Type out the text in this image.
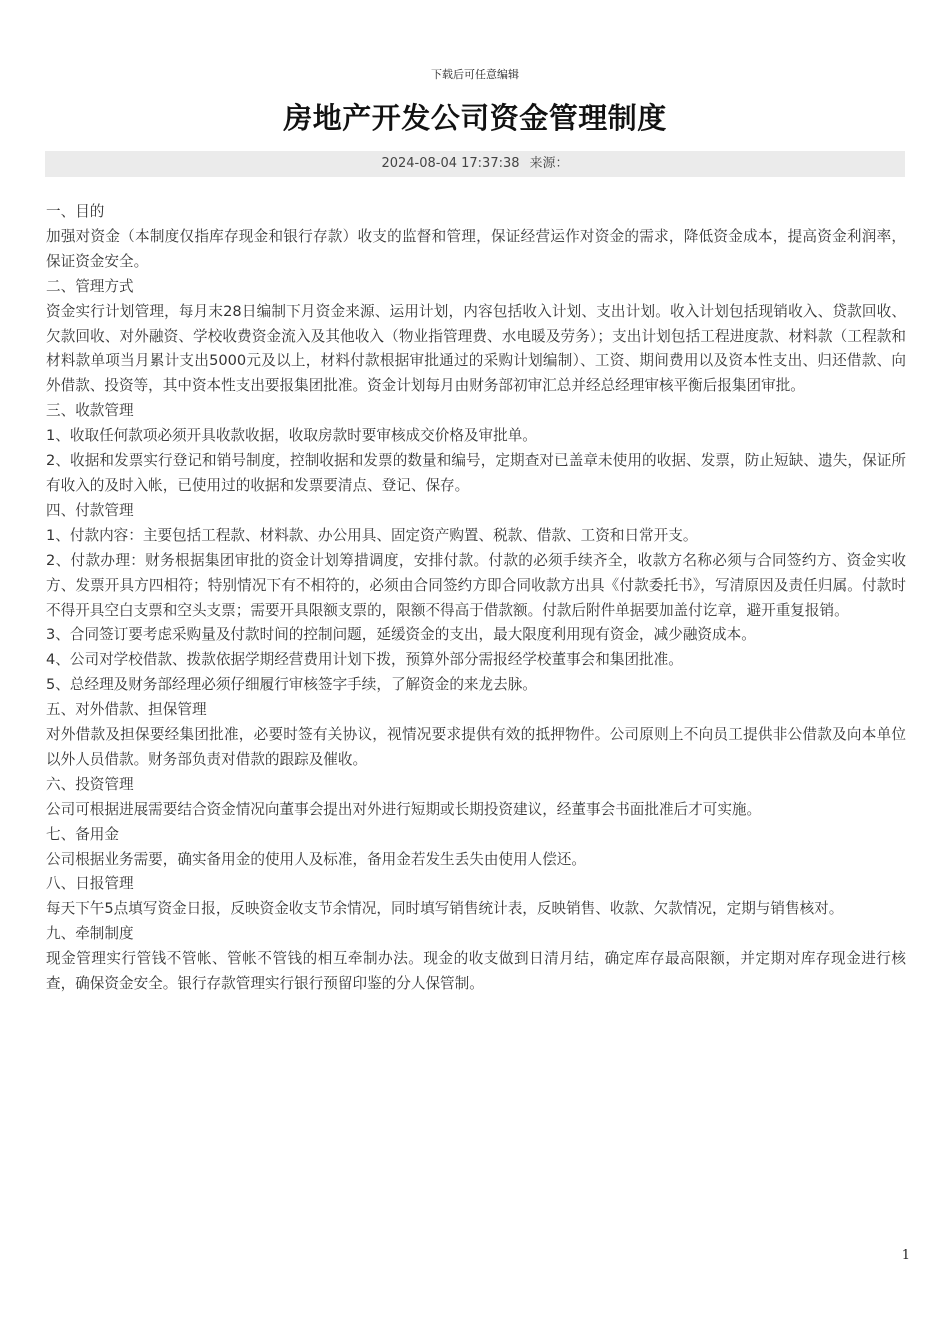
下载后可任意编辑
房地产开发公司资金管理制度
2024-08-04 17:37:38 来源：

一、目的

加强对资金（本制度仅指库存现金和银行存款）收支的监督和管理，保证经营运作对资金的需求，降低资金成本，提高资金利润率，保证资金安全。

二、管理方式

资金实行计划管理，每月末28日编制下月资金来源、运用计划，内容包括收入计划、支出计划。收入计划包括现销收入、贷款回收、欠款回收、对外融资、学校收费资金流入及其他收入（物业指管理费、水电暖及劳务）；支出计划包括工程进度款、材料款（工程款和材料款单项当月累计支出5000元及以上，材料付款根据审批通过的采购计划编制）、工资、期间费用以及资本性支出、归还借款、向外借款、投资等，其中资本性支出要报集团批准。资金计划每月由财务部初审汇总并经总经理审核平衡后报集团审批。

三、收款管理

1、收取任何款项必须开具收款收据，收取房款时要审核成交价格及审批单。

2、收据和发票实行登记和销号制度，控制收据和发票的数量和编号，定期查对已盖章未使用的收据、发票，防止短缺、遗失，保证所有收入的及时入帐，已使用过的收据和发票要清点、登记、保存。

四、付款管理

1、付款内容：主要包括工程款、材料款、办公用具、固定资产购置、税款、借款、工资和日常开支。

2、付款办理：财务根据集团审批的资金计划筹措调度，安排付款。付款的必须手续齐全，收款方名称必须与合同签约方、资金实收方、发票开具方四相符；特别情况下有不相符的，必须由合同签约方即合同收款方出具《付款委托书》，写清原因及责任归属。付款时不得开具空白支票和空头支票；需要开具限额支票的，限额不得高于借款额。付款后附件单据要加盖付讫章，避开重复报销。

3、合同签订要考虑采购量及付款时间的控制问题，延缓资金的支出，最大限度利用现有资金，减少融资成本。

4、公司对学校借款、拨款依据学期经营费用计划下拨，预算外部分需报经学校董事会和集团批准。

5、总经理及财务部经理必须仔细履行审核签字手续，了解资金的来龙去脉。

五、对外借款、担保管理

对外借款及担保要经集团批准，必要时签有关协议，视情况要求提供有效的抵押物件。公司原则上不向员工提供非公借款及向本单位以外人员借款。财务部负责对借款的跟踪及催收。

六、投资管理

公司可根据进展需要结合资金情况向董事会提出对外进行短期或长期投资建议，经董事会书面批准后才可实施。

七、备用金

公司根据业务需要，确实备用金的使用人及标准，备用金若发生丢失由使用人偿还。

八、日报管理

每天下午5点填写资金日报，反映资金收支节余情况，同时填写销售统计表，反映销售、收款、欠款情况，定期与销售核对。

九、牵制制度

现金管理实行管钱不管帐、管帐不管钱的相互牵制办法。现金的收支做到日清月结，确定库存最高限额，并定期对库存现金进行核查，确保资金安全。银行存款管理实行银行预留印鉴的分人保管制。

1
